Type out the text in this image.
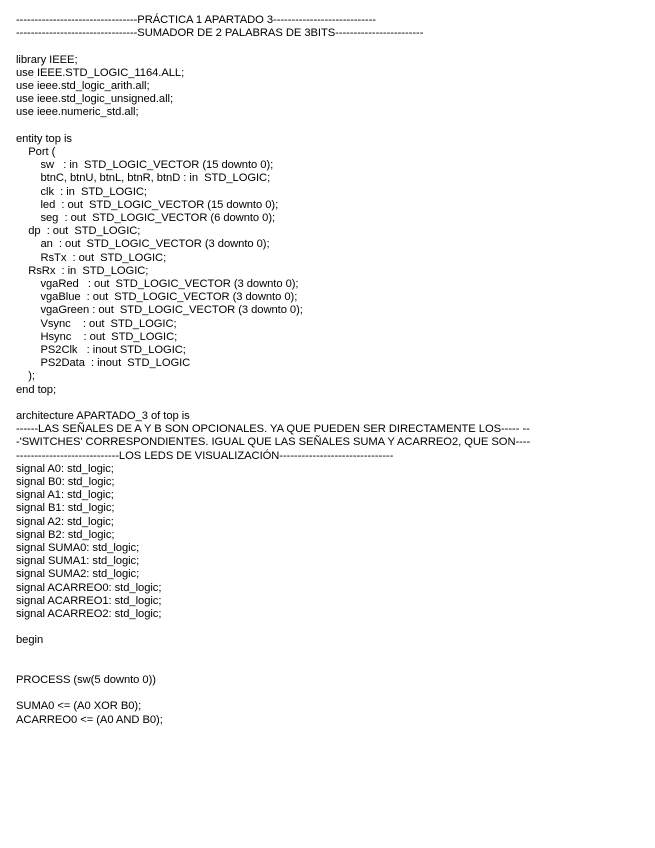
---------------------------------PRÁCTICA 1 APARTADO 3----------------------------
---------------------------------SUMADOR DE 2 PALABRAS DE 3BITS------------------------
library IEEE;
use IEEE.STD_LOGIC_1164.ALL;
use ieee.std_logic_arith.all;
use ieee.std_logic_unsigned.all;
use ieee.numeric_std.all;
entity top is
Port (
sw   : in  STD_LOGIC_VECTOR (15 downto 0);
btnC, btnU, btnL, btnR, btnD : in  STD_LOGIC;
clk  : in  STD_LOGIC;
led  : out  STD_LOGIC_VECTOR (15 downto 0);
seg  : out  STD_LOGIC_VECTOR (6 downto 0);
dp  : out  STD_LOGIC;
an  : out  STD_LOGIC_VECTOR (3 downto 0);
RsTx  : out  STD_LOGIC;
RsRx  : in  STD_LOGIC;
vgaRed   : out  STD_LOGIC_VECTOR (3 downto 0);
vgaBlue  : out  STD_LOGIC_VECTOR (3 downto 0);
vgaGreen : out  STD_LOGIC_VECTOR (3 downto 0);
Vsync    : out  STD_LOGIC;
Hsync    : out  STD_LOGIC;
PS2Clk   : inout STD_LOGIC;
PS2Data  : inout  STD_LOGIC
);
end top;
architecture APARTADO_3 of top is
------LAS SEÑALES DE A Y B SON OPCIONALES. YA QUE PUEDEN SER DIRECTAMENTE LOS----- --
-'SWITCHES' CORRESPONDIENTES. IGUAL QUE LAS SEÑALES SUMA Y ACARREO2, QUE SON----
----------------------------LOS LEDS DE VISUALIZACIÓN-------------------------------
signal A0: std_logic;
signal B0: std_logic;
signal A1: std_logic;
signal B1: std_logic;
signal A2: std_logic;
signal B2: std_logic;
signal SUMA0: std_logic;
signal SUMA1: std_logic;
signal SUMA2: std_logic;
signal ACARREO0: std_logic;
signal ACARREO1: std_logic;
signal ACARREO2: std_logic;
begin
PROCESS (sw(5 downto 0))
SUMA0 <= (A0 XOR B0);
ACARREO0 <= (A0 AND B0);
